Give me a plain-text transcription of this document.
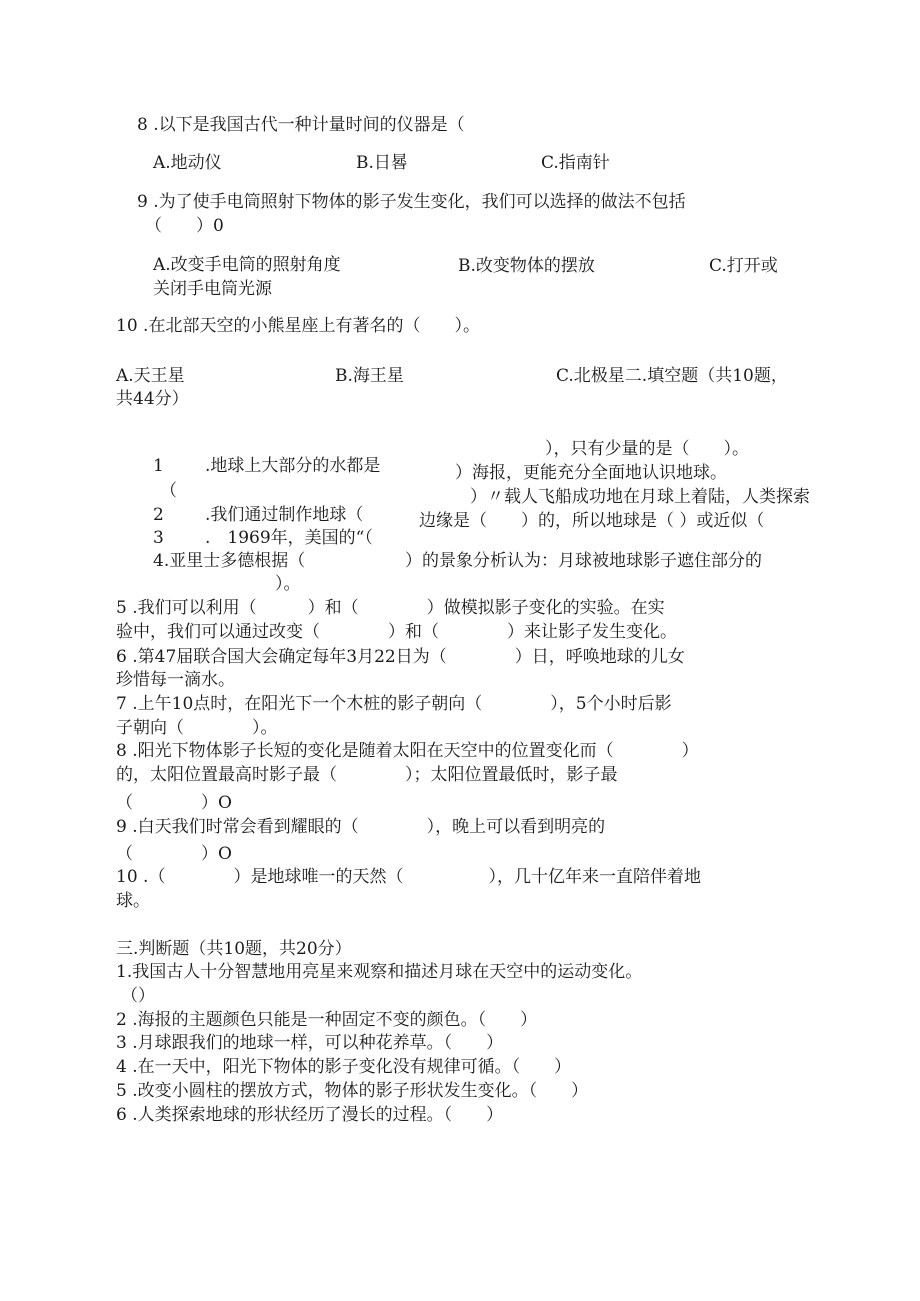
8 .以下是我国古代一种计量时间的仪器是（
A.地动仪	B.日晷	C.指南针
9 .为了使手电筒照射下物体的影子发生变化，我们可以选择的做法不包括
（　　）0
A.改变手电筒的照射角度	B.改变物体的摆放	C.打开或
关闭手电筒光源
10 .在北部天空的小熊星座上有著名的（　　）。
A.天王星	B.海王星	C.北极星二.填空题（共10题，
共44分）
），只有少量的是（　　）。
1 .地球上大部分的水都是	）海报，更能充分全面地认识地球。
（	）〃载人飞船成功地在月球上着陆，人类探索
2 .我们通过制作地球（	边缘是（　　）的，所以地球是（ ）或近似（
3 .　1969年，美国的“（
4.亚里士多德根据（	）的景象分析认为：月球被地球影子遮住部分的
）。
5 .我们可以利用（　　　）和（　　　　）做模拟影子变化的实验。在实
验中，我们可以通过改变（　　　　）和（　　　　）来让影子发生变化。
6 .第47届联合国大会确定每年3月22日为（　　　　）日，呼唤地球的儿女
珍惜每一滴水。
7 .上午10点时，在阳光下一个木桩的影子朝向（　　　　），5个小时后影
子朝向（　　　　）。
8 .阳光下物体影子长短的变化是随着太阳在天空中的位置变化而（　　　　）
的，太阳位置最高时影子最（　　　　）；太阳位置最低时，影子最
（　　　　）O
9 .白天我们时常会看到耀眼的（　　　　），晚上可以看到明亮的
（　　　　）O
10 .（　　　　）是地球唯一的天然（　　　　　），几十亿年来一直陪伴着地
球。
三.判断题（共10题，共20分）
1.我国古人十分智慧地用亮星来观察和描述月球在天空中的运动变化。
（）
2 .海报的主题颜色只能是一种固定不变的颜色。（　　）
3 .月球跟我们的地球一样，可以种花养草。（　　）
4 .在一天中，阳光下物体的影子变化没有规律可循。（　　）
5 .改变小圆柱的摆放方式，物体的影子形状发生变化。（　　）
6 .人类探索地球的形状经历了漫长的过程。（　　）
